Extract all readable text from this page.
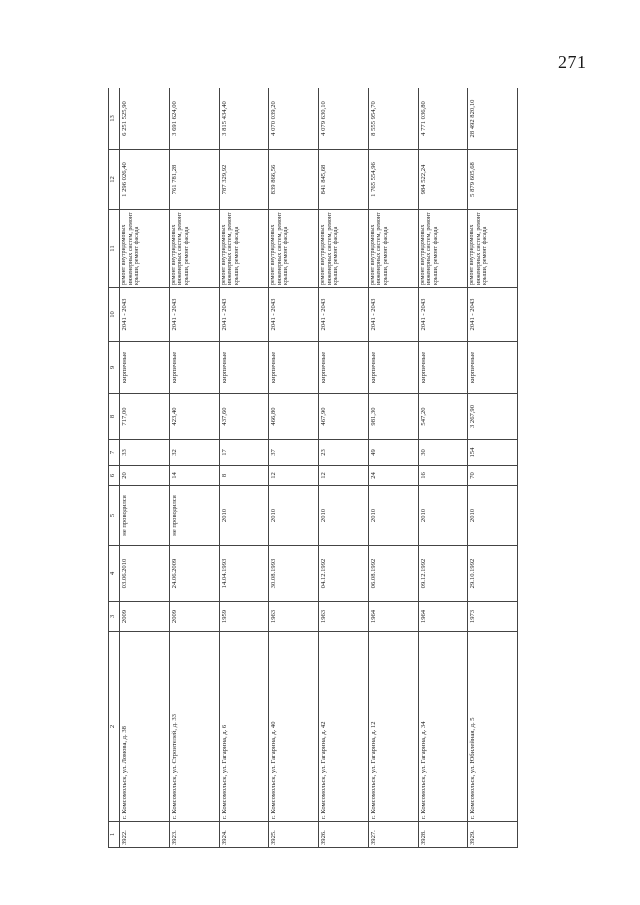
271
1	2	3	4	5	6	7	8	9	10	11	12	13
3922.	г. Комсомольск, ул. Ломова, д. 38	2009	03.06.2010	не проводился	20	33	717,00	кирпичные	2041 - 2043	ремонт внутридомовых инженерных систем, ремонт крыши, ремонт фасада	1 296 026,40	6 251 525,90
3923.	г. Комсомольск, ул. Строителей, д. 33	2009	24.06.2009	не проводился	14	32	423,40	кирпичные	2041 - 2043	ремонт внутридомовых инженерных систем, ремонт крыши, ремонт фасада	761 781,28	3 691 624,00
3924.	г. Комсомольск, ул. Гагарина, д. 6	1959	14.04.1993	2010	8	17	437,60	кирпичные	2041 - 2043	ремонт внутридомовых инженерных систем, ремонт крыши, ремонт фасада	787 329,92	3 815 434,40
3925.	г. Комсомольск, ул. Гагарина, д. 40	1963	30.08.1993	2010	12	37	466,80	кирпичные	2041 - 2043	ремонт внутридомовых инженерных систем, ремонт крыши, ремонт фасада	839 866,56	4 070 039,20
3926.	г. Комсомольск, ул. Гагарина, д. 42	1963	04.12.1992	2010	12	23	467,90	кирпичные	2041 - 2043	ремонт внутридомовых инженерных систем, ремонт крыши, ремонт фасада	841 845,68	4 079 630,10
3927.	г. Комсомольск, ул. Гагарина, д. 12	1964	06.08.1992	2010	24	49	981,30	кирпичные	2041 - 2043	ремонт внутридомовых инженерных систем, ремонт крыши, ремонт фасада	1 765 554,96	8 555 954,70
3928.	г. Комсомольск, ул. Гагарина, д. 34	1964	09.12.1992	2010	16	30	547,20	кирпичные	2041 - 2043	ремонт внутридомовых инженерных систем, ремонт крыши, ремонт фасада	984 522,24	4 771 036,80
3929.	г. Комсомольск, ул. Юбилейная, д. 5	1973	29.10.1992	2010	70	154	3 267,90	кирпичные	2041 - 2043	ремонт внутридомовых инженерных систем, ремонт крыши, ремонт фасада	5 879 605,68	28 492 820,10
